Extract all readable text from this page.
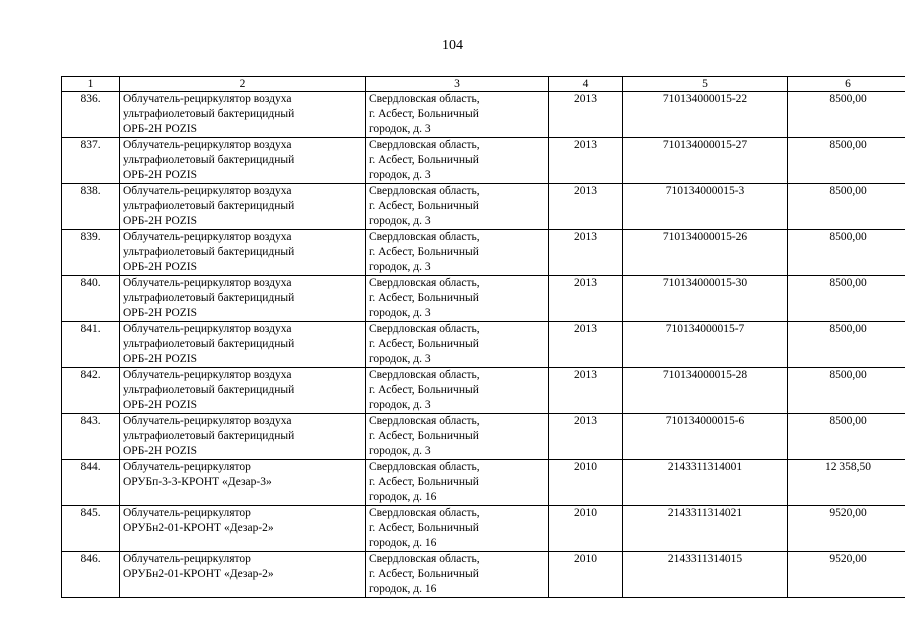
104
1	2	3	4	5	6
836.	Облучатель-рециркулятор воздуха
ультрафиолетовый бактерицидный
ОРБ-2Н POZIS	Свердловская область,
г. Асбест, Больничный
городок, д. 3	2013	710134000015-22	8500,00
837.	Облучатель-рециркулятор воздуха
ультрафиолетовый бактерицидный
ОРБ-2Н POZIS	Свердловская область,
г. Асбест, Больничный
городок, д. 3	2013	710134000015-27	8500,00
838.	Облучатель-рециркулятор воздуха
ультрафиолетовый бактерицидный
ОРБ-2Н POZIS	Свердловская область,
г. Асбест, Больничный
городок, д. 3	2013	710134000015-3	8500,00
839.	Облучатель-рециркулятор воздуха
ультрафиолетовый бактерицидный
ОРБ-2Н POZIS	Свердловская область,
г. Асбест, Больничный
городок, д. 3	2013	710134000015-26	8500,00
840.	Облучатель-рециркулятор воздуха
ультрафиолетовый бактерицидный
ОРБ-2Н POZIS	Свердловская область,
г. Асбест, Больничный
городок, д. 3	2013	710134000015-30	8500,00
841.	Облучатель-рециркулятор воздуха
ультрафиолетовый бактерицидный
ОРБ-2Н POZIS	Свердловская область,
г. Асбест, Больничный
городок, д. 3	2013	710134000015-7	8500,00
842.	Облучатель-рециркулятор воздуха
ультрафиолетовый бактерицидный
ОРБ-2Н POZIS	Свердловская область,
г. Асбест, Больничный
городок, д. 3	2013	710134000015-28	8500,00
843.	Облучатель-рециркулятор воздуха
ультрафиолетовый бактерицидный
ОРБ-2Н POZIS	Свердловская область,
г. Асбест, Больничный
городок, д. 3	2013	710134000015-6	8500,00
844.	Облучатель-рециркулятор
ОРУБп-3-3-КРОНТ «Дезар-3»	Свердловская область,
г. Асбест, Больничный
городок, д. 16	2010	2143311314001	12 358,50
845.	Облучатель-рециркулятор
ОРУБн2-01-КРОНТ «Дезар-2»	Свердловская область,
г. Асбест, Больничный
городок, д. 16	2010	2143311314021	9520,00
846.	Облучатель-рециркулятор
ОРУБн2-01-КРОНТ «Дезар-2»	Свердловская область,
г. Асбест, Больничный
городок, д. 16	2010	2143311314015	9520,00
